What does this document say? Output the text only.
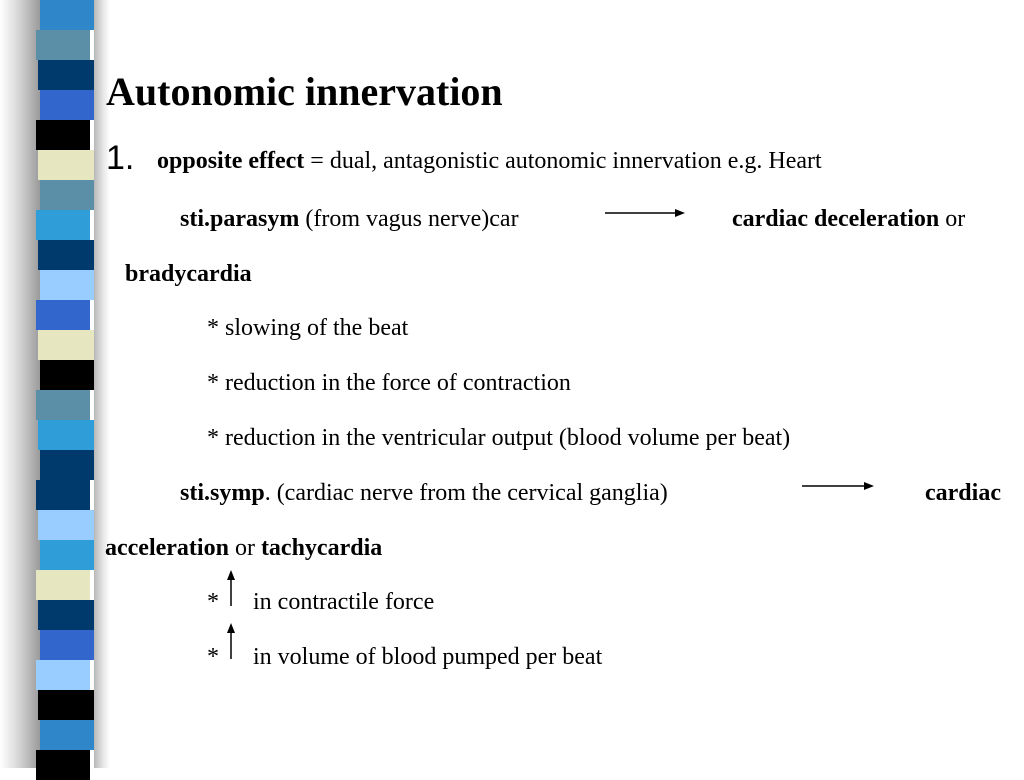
Autonomic innervation
1. opposite effect = dual, antagonistic autonomic innervation e.g. Heart
sti.parasym (from vagus nerve)car	cardiac deceleration or
bradycardia
* slowing of the beat
* reduction in the force of contraction
* reduction in the ventricular output (blood volume per beat)
sti.symp. (cardiac nerve from the cervical ganglia)	cardiac
acceleration or tachycardia
* in contractile force
* in volume of blood pumped per beat
